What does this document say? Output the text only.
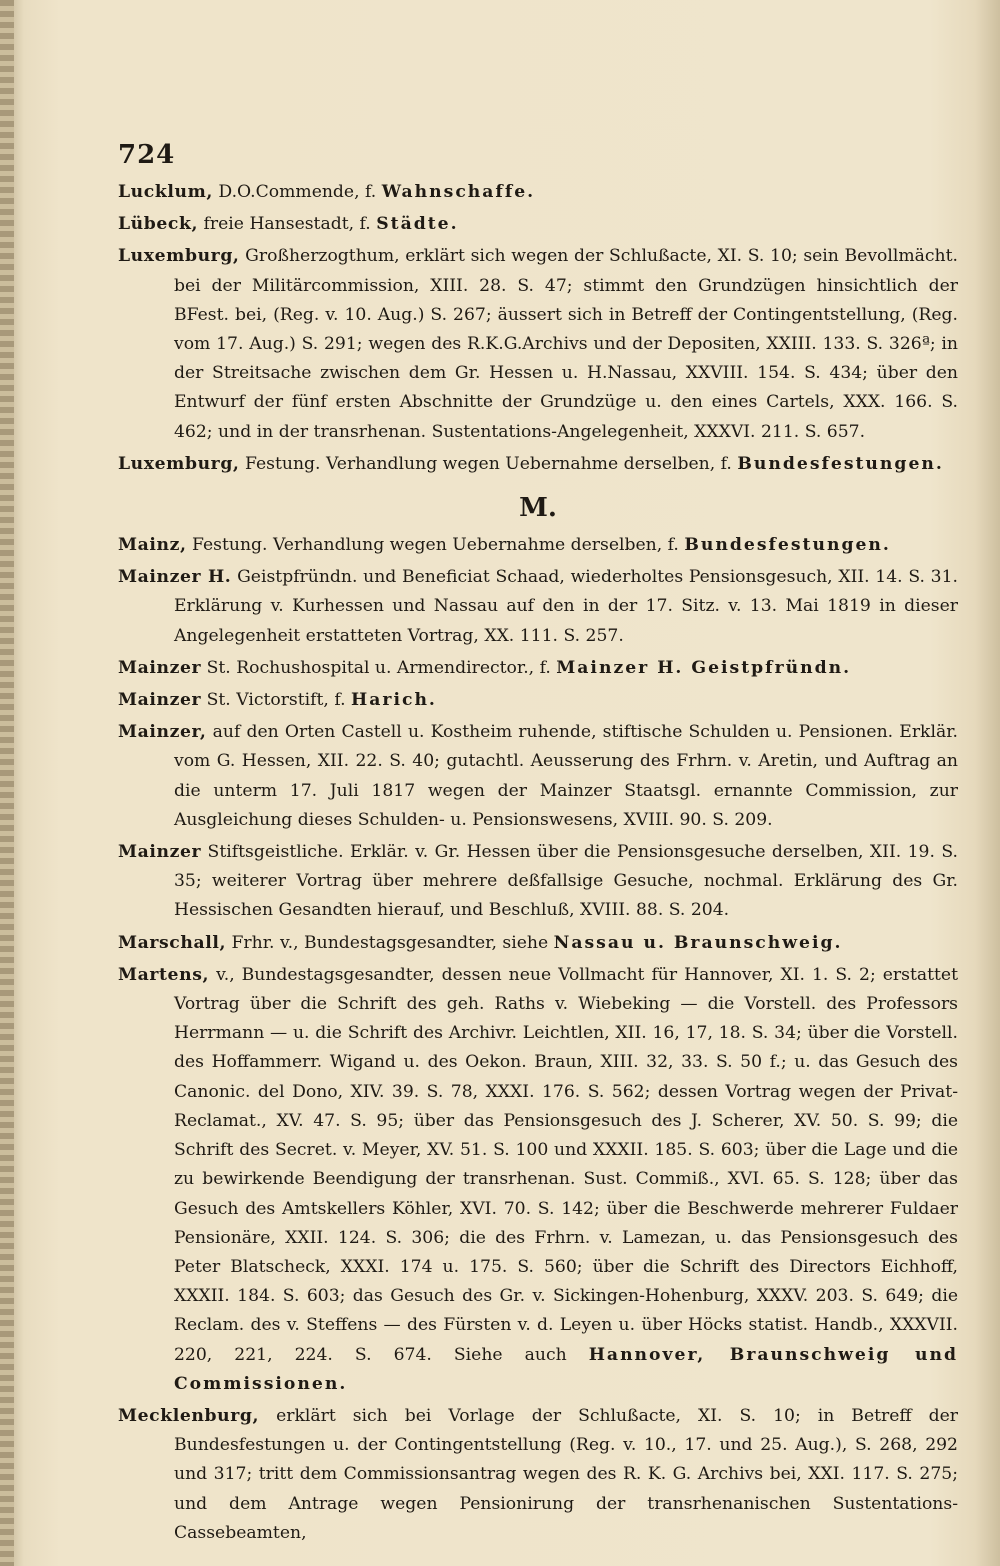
724

Lucklum, D.O.Commende, f. Wahnschaffe.

Lübeck, freie Hansestadt, f. Städte.

Luxemburg, Großherzogthum, erklärt sich wegen der Schlußacte, XI. S. 10; sein Bevollmächt. bei der Militärcommission, XIII. 28. S. 47; stimmt den Grundzügen hinsichtlich der BFest. bei, (Reg. v. 10. Aug.) S. 267; äussert sich in Betreff der Contingentstellung, (Reg. vom 17. Aug.) S. 291; wegen des R.K.G.Archivs und der Depositen, XXIII. 133. S. 326ª; in der Streitsache zwischen dem Gr. Hessen u. H.Nassau, XXVIII. 154. S. 434; über den Entwurf der fünf ersten Abschnitte der Grundzüge u. den eines Cartels, XXX. 166. S. 462; und in der transrhenan. Sustentations-Angelegenheit, XXXVI. 211. S. 657.

Luxemburg, Festung. Verhandlung wegen Uebernahme derselben, f. Bundesfestungen.

M.

Mainz, Festung. Verhandlung wegen Uebernahme derselben, f. Bundesfestungen.

Mainzer H. Geistpfründn. und Beneficiat Schaad, wiederholtes Pensionsgesuch, XII. 14. S. 31. Erklärung v. Kurhessen und Nassau auf den in der 17. Sitz. v. 13. Mai 1819 in dieser Angelegenheit erstatteten Vortrag, XX. 111. S. 257.

Mainzer St. Rochushospital u. Armendirector., f. Mainzer H. Geistpfründn.

Mainzer St. Victorstift, f. Harich.

Mainzer, auf den Orten Castell u. Kostheim ruhende, stiftische Schulden u. Pensionen. Erklär. vom G. Hessen, XII. 22. S. 40; gutachtl. Aeusserung des Frhrn. v. Aretin, und Auftrag an die unterm 17. Juli 1817 wegen der Mainzer Staatsgl. ernannte Commission, zur Ausgleichung dieses Schulden- u. Pensionswesens, XVIII. 90. S. 209.

Mainzer Stiftsgeistliche. Erklär. v. Gr. Hessen über die Pensionsgesuche derselben, XII. 19. S. 35; weiterer Vortrag über mehrere deßfallsige Gesuche, nochmal. Erklärung des Gr. Hessischen Gesandten hierauf, und Beschluß, XVIII. 88. S. 204.

Marschall, Frhr. v., Bundestagsgesandter, siehe Nassau u. Braunschweig.

Martens, v., Bundestagsgesandter, dessen neue Vollmacht für Hannover, XI. 1. S. 2; erstattet Vortrag über die Schrift des geh. Raths v. Wiebeking — die Vorstell. des Professors Herrmann — u. die Schrift des Archivr. Leichtlen, XII. 16, 17, 18. S. 34; über die Vorstell. des Hoffammerr. Wigand u. des Oekon. Braun, XIII. 32, 33. S. 50 f.; u. das Gesuch des Canonic. del Dono, XIV. 39. S. 78, XXXI. 176. S. 562; dessen Vortrag wegen der Privat-Reclamat., XV. 47. S. 95; über das Pensionsgesuch des J. Scherer, XV. 50. S. 99; die Schrift des Secret. v. Meyer, XV. 51. S. 100 und XXXII. 185. S. 603; über die Lage und die zu bewirkende Beendigung der transrhenan. Sust. Commiß., XVI. 65. S. 128; über das Gesuch des Amtskellers Köhler, XVI. 70. S. 142; über die Beschwerde mehrerer Fuldaer Pensionäre, XXII. 124. S. 306; die des Frhrn. v. Lamezan, u. das Pensionsgesuch des Peter Blatscheck, XXXI. 174 u. 175. S. 560; über die Schrift des Directors Eichhoff, XXXII. 184. S. 603; das Gesuch des Gr. v. Sickingen-Hohenburg, XXXV. 203. S. 649; die Reclam. des v. Steffens — des Fürsten v. d. Leyen u. über Höcks statist. Handb., XXXVII. 220, 221, 224. S. 674. Siehe auch Hannover, Braunschweig und Commissionen.

Mecklenburg, erklärt sich bei Vorlage der Schlußacte, XI. S. 10; in Betreff der Bundesfestungen u. der Contingentstellung (Reg. v. 10., 17. und 25. Aug.), S. 268, 292 und 317; tritt dem Commissionsantrag wegen des R. K. G. Archivs bei, XXI. 117. S. 275; und dem Antrage wegen Pensionirung der transrhenanischen Sustentations-Cassebeamten,
